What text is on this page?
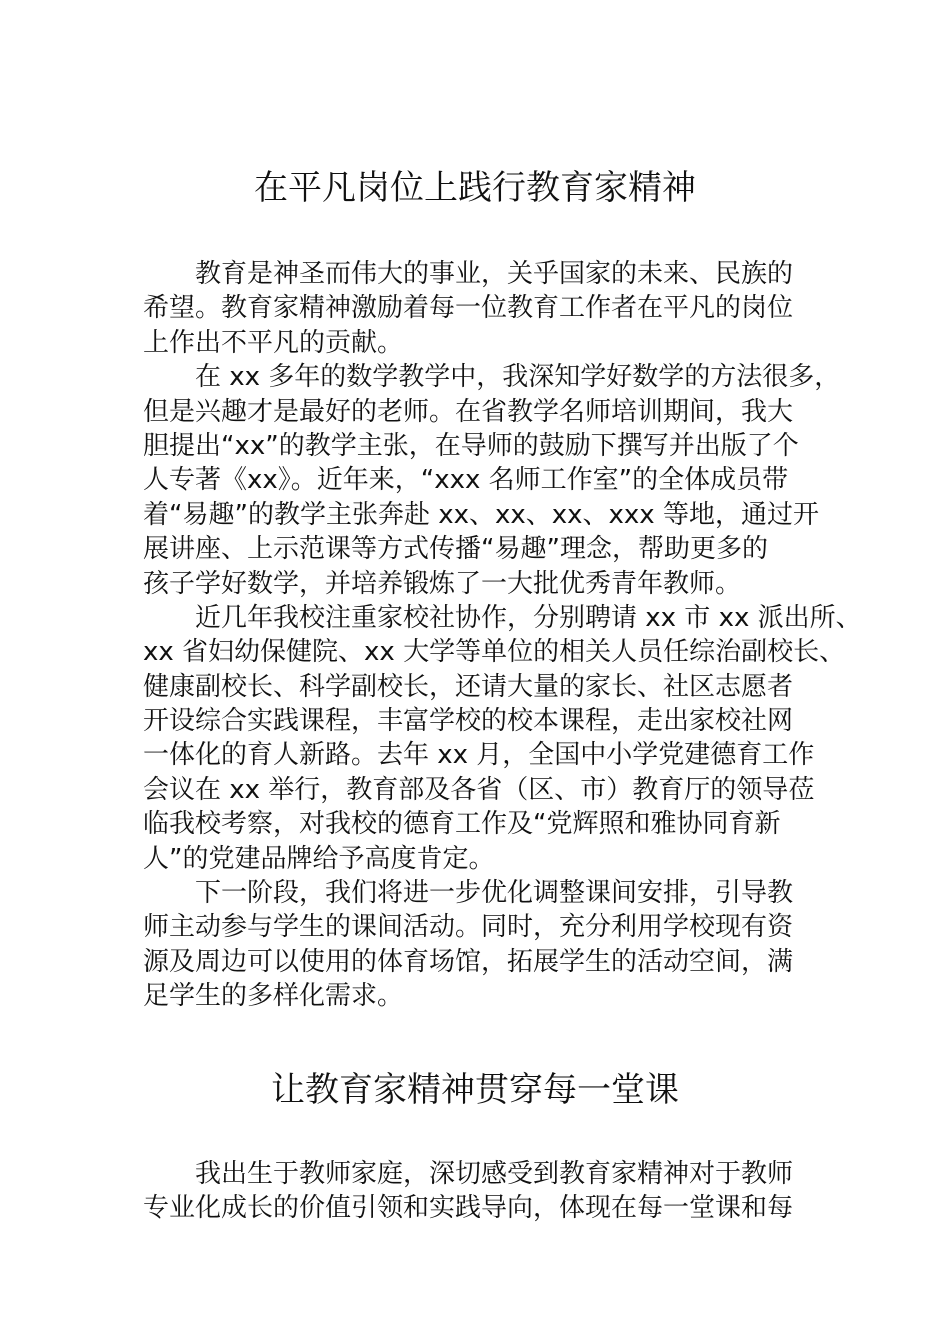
在平凡岗位上践行教育家精神
教育是神圣而伟大的事业，关乎国家的未来、民族的
希望。教育家精神激励着每一位教育工作者在平凡的岗位
上作出不平凡的贡献。
在 xx 多年的数学教学中，我深知学好数学的方法很多，
但是兴趣才是最好的老师。在省教学名师培训期间，我大
胆提出“xx”的教学主张，在导师的鼓励下撰写并出版了个
人专著《xx》。近年来，“xxx 名师工作室”的全体成员带
着“易趣”的教学主张奔赴 xx、xx、xx、xxx 等地，通过开
展讲座、上示范课等方式传播“易趣”理念，帮助更多的
孩子学好数学，并培养锻炼了一大批优秀青年教师。
近几年我校注重家校社协作，分别聘请 xx 市 xx 派出所、
xx 省妇幼保健院、xx 大学等单位的相关人员任综治副校长、
健康副校长、科学副校长，还请大量的家长、社区志愿者
开设综合实践课程，丰富学校的校本课程，走出家校社网
一体化的育人新路。去年 xx 月，全国中小学党建德育工作
会议在 xx 举行，教育部及各省（区、市）教育厅的领导莅
临我校考察，对我校的德育工作及“党辉照和雅协同育新
人”的党建品牌给予高度肯定。
下一阶段，我们将进一步优化调整课间安排，引导教
师主动参与学生的课间活动。同时，充分利用学校现有资
源及周边可以使用的体育场馆，拓展学生的活动空间，满
足学生的多样化需求。
让教育家精神贯穿每一堂课
我出生于教师家庭，深切感受到教育家精神对于教师
专业化成长的价值引领和实践导向，体现在每一堂课和每
